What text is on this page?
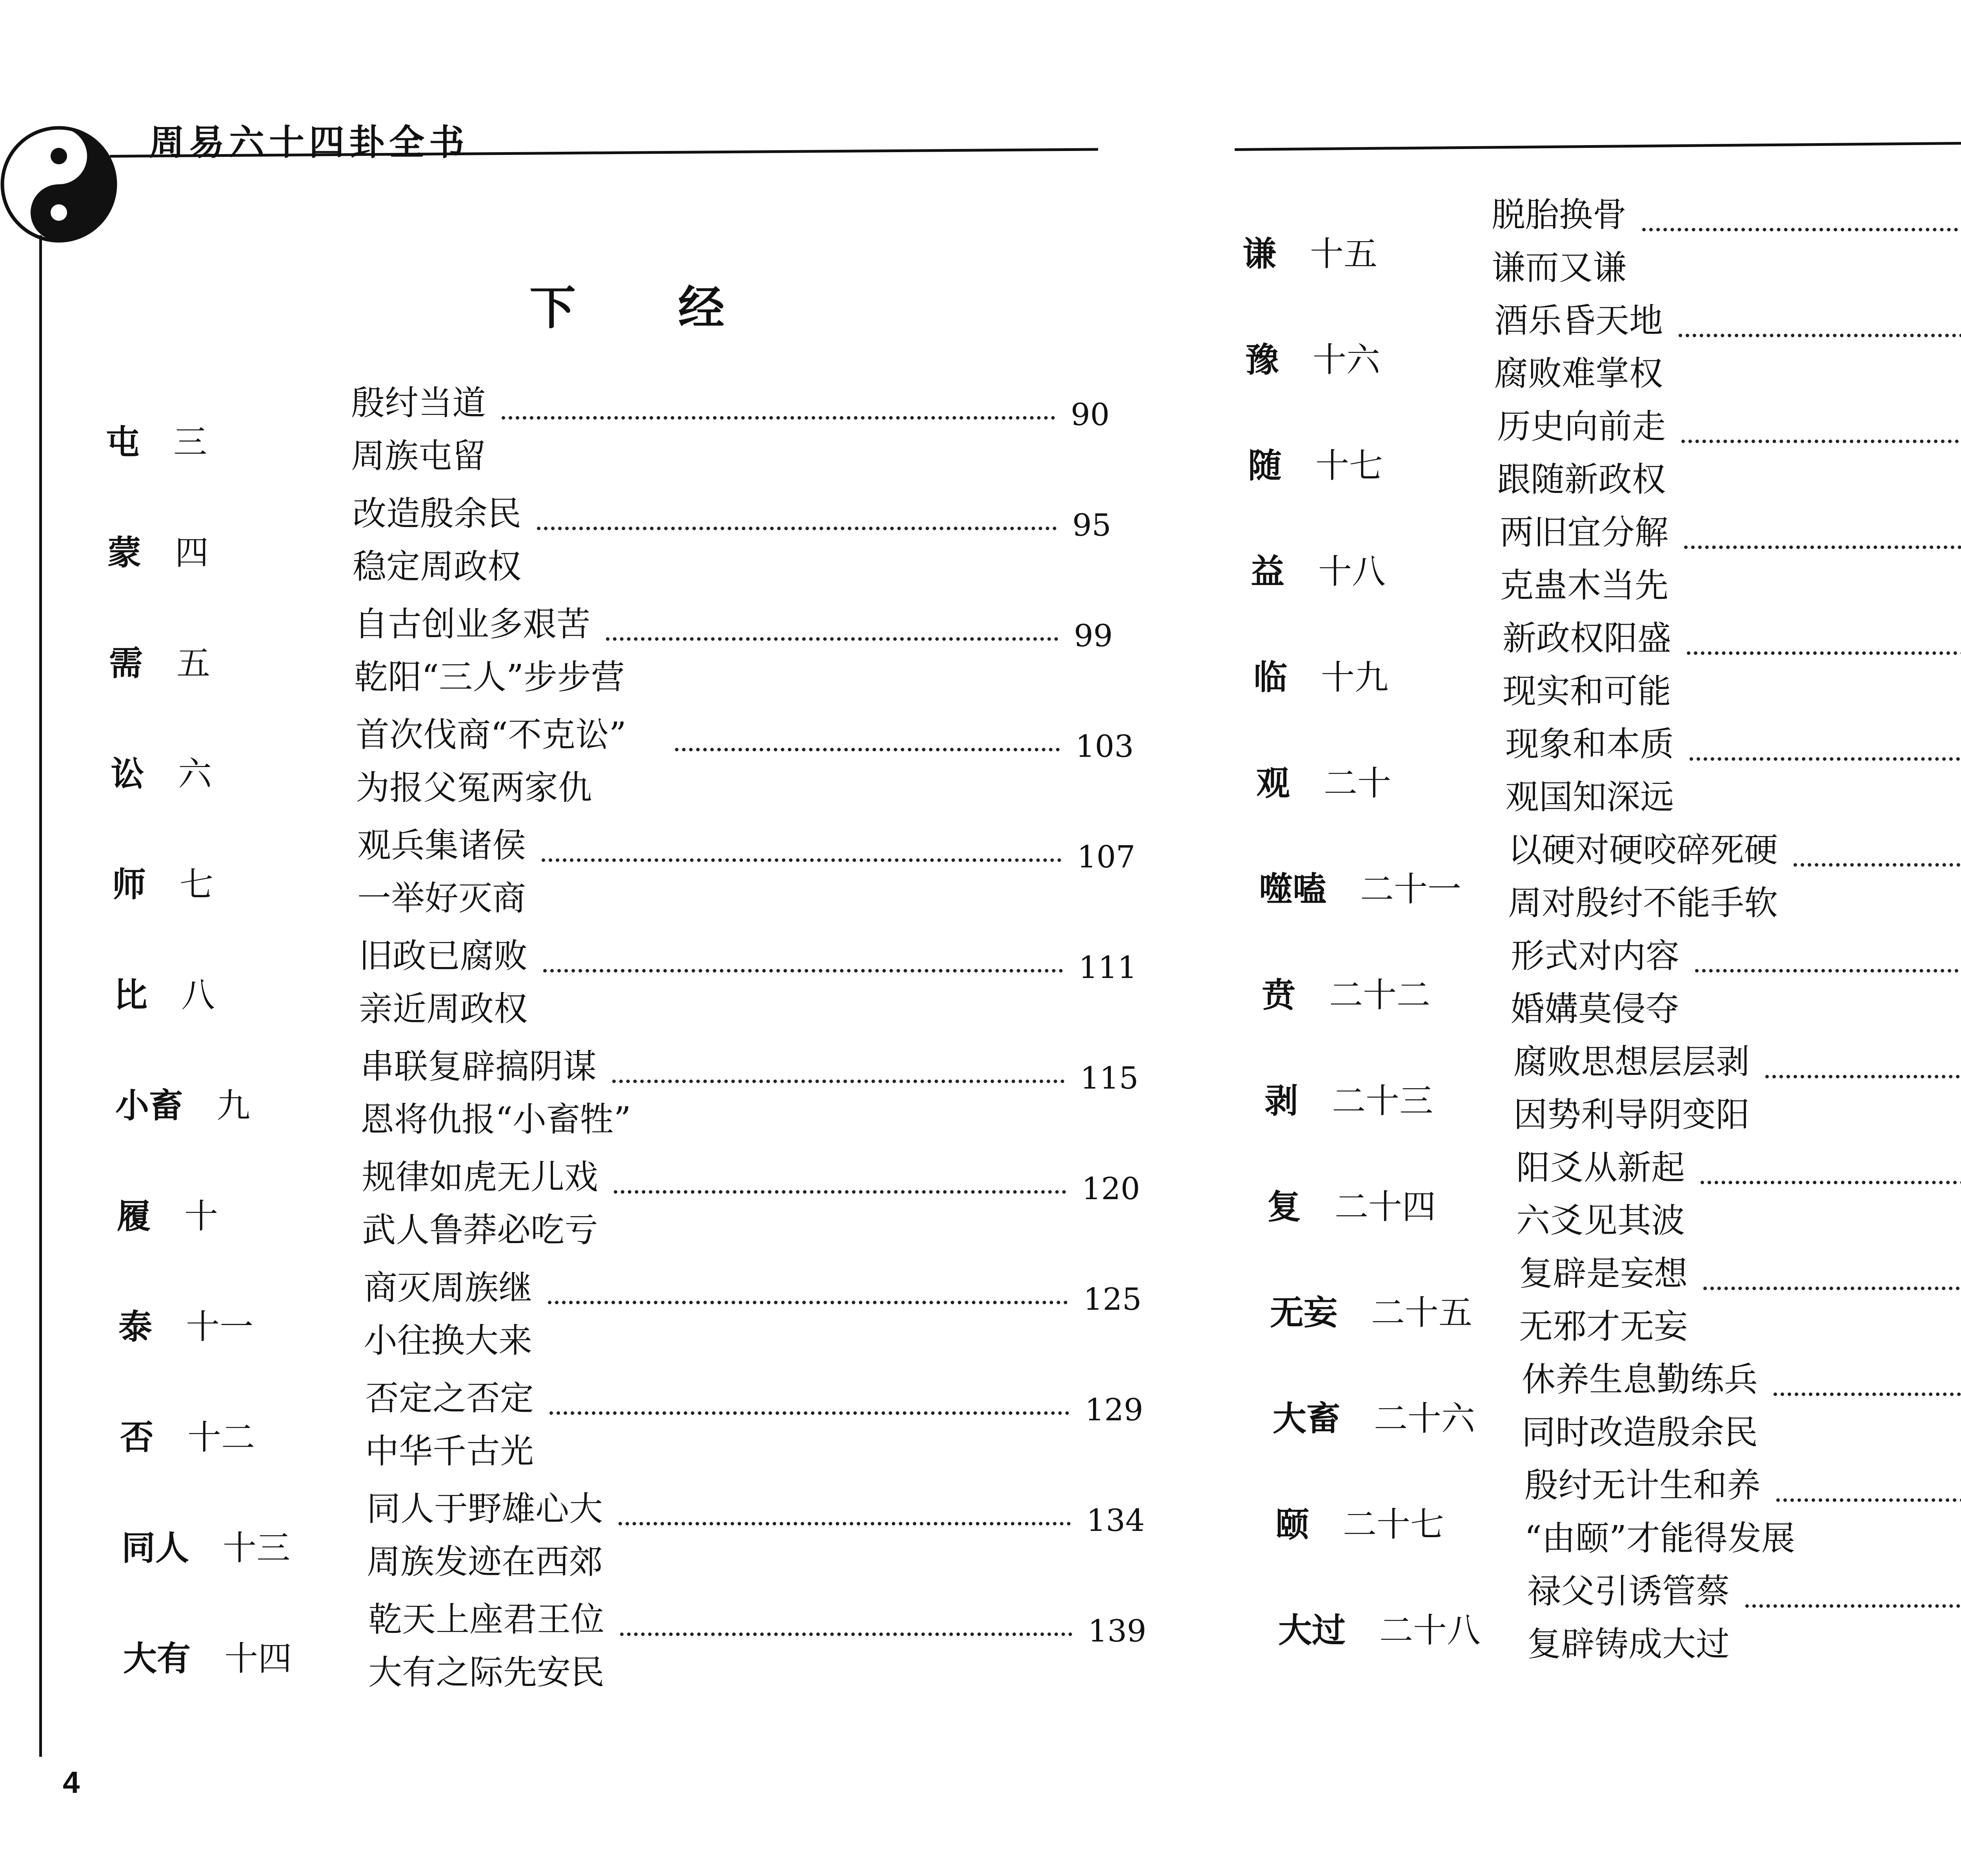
周易六十四卦全书
下 经
屯  三
殷纣当道
周族屯留
90
蒙  四
改造殷余民
稳定周政权
95
需  五
自古创业多艰苦
乾阳“三人”步步营
99
讼  六
首次伐商“不克讼”
为报父冤两家仇
103
师  七
观兵集诸侯
一举好灭商
107
比  八
旧政已腐败
亲近周政权
111
小畜  九
串联复辟搞阴谋
恩将仇报“小畜牲”
115
履  十
规律如虎无儿戏
武人鲁莽必吃亏
120
泰  十一
商灭周族继
小往换大来
125
否  十二
否定之否定
中华千古光
129
同人  十三
同人于野雄心大
周族发迹在西郊
134
大有  十四
乾天上座君王位
大有之际先安民
139
4
谦  十五
脱胎换骨
谦而又谦
豫  十六
酒乐昏天地
腐败难掌权
随  十七
历史向前走
跟随新政权
益  十八
两旧宜分解
克蛊木当先
临  十九
新政权阳盛
现实和可能
观  二十
现象和本质
观国知深远
噬嗑  二十一
以硬对硬咬碎死硬
周对殷纣不能手软
贲  二十二
形式对内容
婚媾莫侵夺
剥  二十三
腐败思想层层剥
因势利导阴变阳
复  二十四
阳爻从新起
六爻见其波
无妄  二十五
复辟是妄想
无邪才无妄
大畜  二十六
休养生息勤练兵
同时改造殷余民
颐  二十七
殷纣无计生和养
“由颐”才能得发展
大过  二十八
禄父引诱管蔡
复辟铸成大过
